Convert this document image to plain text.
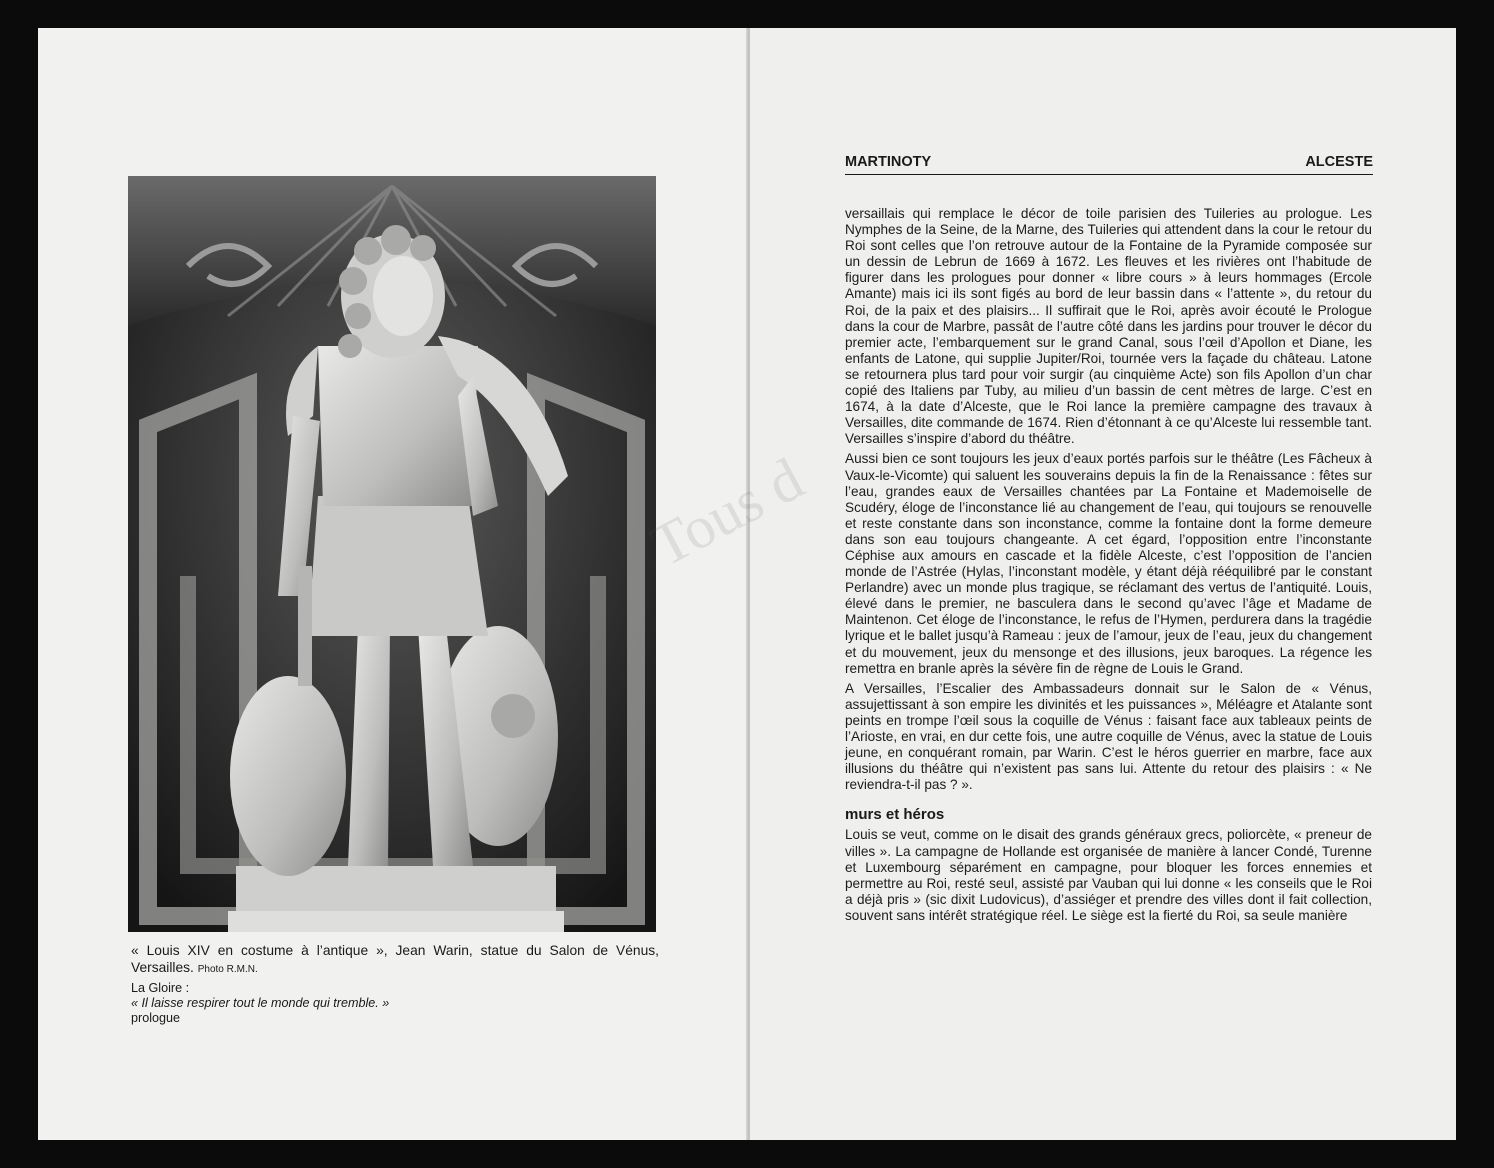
« Louis XIV en costume à l’antique », Jean Warin, statue du Salon de Vénus, Versailles. Photo R.M.N.
La Gloire :
« Il laisse respirer tout le monde qui tremble. »
prologue
MARTINOTY	ALCESTE

versaillais qui remplace le décor de toile parisien des Tuileries au prologue. Les Nymphes de la Seine, de la Marne, des Tuileries qui attendent dans la cour le retour du Roi sont celles que l’on retrouve autour de la Fontaine de la Pyramide composée sur un dessin de Lebrun de 1669 à 1672. Les fleuves et les rivières ont l’habitude de figurer dans les prologues pour donner « libre cours » à leurs hommages (Ercole Amante) mais ici ils sont figés au bord de leur bassin dans « l’attente », du retour du Roi, de la paix et des plaisirs... Il suffirait que le Roi, après avoir écouté le Prologue dans la cour de Marbre, passât de l’autre côté dans les jardins pour trouver le décor du premier acte, l’embarquement sur le grand Canal, sous l’œil d’Apollon et Diane, les enfants de Latone, qui supplie Jupiter/Roi, tournée vers la façade du château. Latone se retournera plus tard pour voir surgir (au cinquième Acte) son fils Apollon d’un char copié des Italiens par Tuby, au milieu d’un bassin de cent mètres de large. C’est en 1674, à la date d’Alceste, que le Roi lance la première campagne des travaux à Versailles, dite commande de 1674. Rien d’étonnant à ce qu’Alceste lui ressemble tant. Versailles s’inspire d’abord du théâtre.

Aussi bien ce sont toujours les jeux d’eaux portés parfois sur le théâtre (Les Fâcheux à Vaux-le-Vicomte) qui saluent les souverains depuis la fin de la Renaissance : fêtes sur l’eau, grandes eaux de Versailles chantées par La Fontaine et Mademoiselle de Scudéry, éloge de l’inconstance lié au changement de l’eau, qui toujours se renouvelle et reste constante dans son inconstance, comme la fontaine dont la forme demeure dans son eau toujours changeante. A cet égard, l’opposition entre l’inconstante Céphise aux amours en cascade et la fidèle Alceste, c’est l’opposition de l’ancien monde de l’Astrée (Hylas, l’inconstant modèle, y étant déjà rééquilibré par le constant Perlandre) avec un monde plus tragique, se réclamant des vertus de l’antiquité. Louis, élevé dans le premier, ne basculera dans le second qu’avec l’âge et Madame de Maintenon. Cet éloge de l’inconstance, le refus de l’Hymen, perdurera dans la tragédie lyrique et le ballet jusqu’à Rameau : jeux de l’amour, jeux de l’eau, jeux du changement et du mouvement, jeux du mensonge et des illusions, jeux baroques. La régence les remettra en branle après la sévère fin de règne de Louis le Grand.

A Versailles, l’Escalier des Ambassadeurs donnait sur le Salon de « Vénus, assujettissant à son empire les divinités et les puissances », Méléagre et Atalante sont peints en trompe l’œil sous la coquille de Vénus : faisant face aux tableaux peints de l’Arioste, en vrai, en dur cette fois, une autre coquille de Vénus, avec la statue de Louis jeune, en conquérant romain, par Warin. C’est le héros guerrier en marbre, face aux illusions du théâtre qui n’existent pas sans lui. Attente du retour des plaisirs : « Ne reviendra-t-il pas ? ».

murs et héros

Louis se veut, comme on le disait des grands généraux grecs, poliorcète, « preneur de villes ». La campagne de Hollande est organisée de manière à lancer Condé, Turenne et Luxembourg séparément en campagne, pour bloquer les forces ennemies et permettre au Roi, resté seul, assisté par Vauban qui lui donne « les conseils que le Roi a déjà pris » (sic dixit Ludovicus), d’assiéger et prendre des villes dont il fait collection, souvent sans intérêt stratégique réel. Le siège est la fierté du Roi, sa seule manière
